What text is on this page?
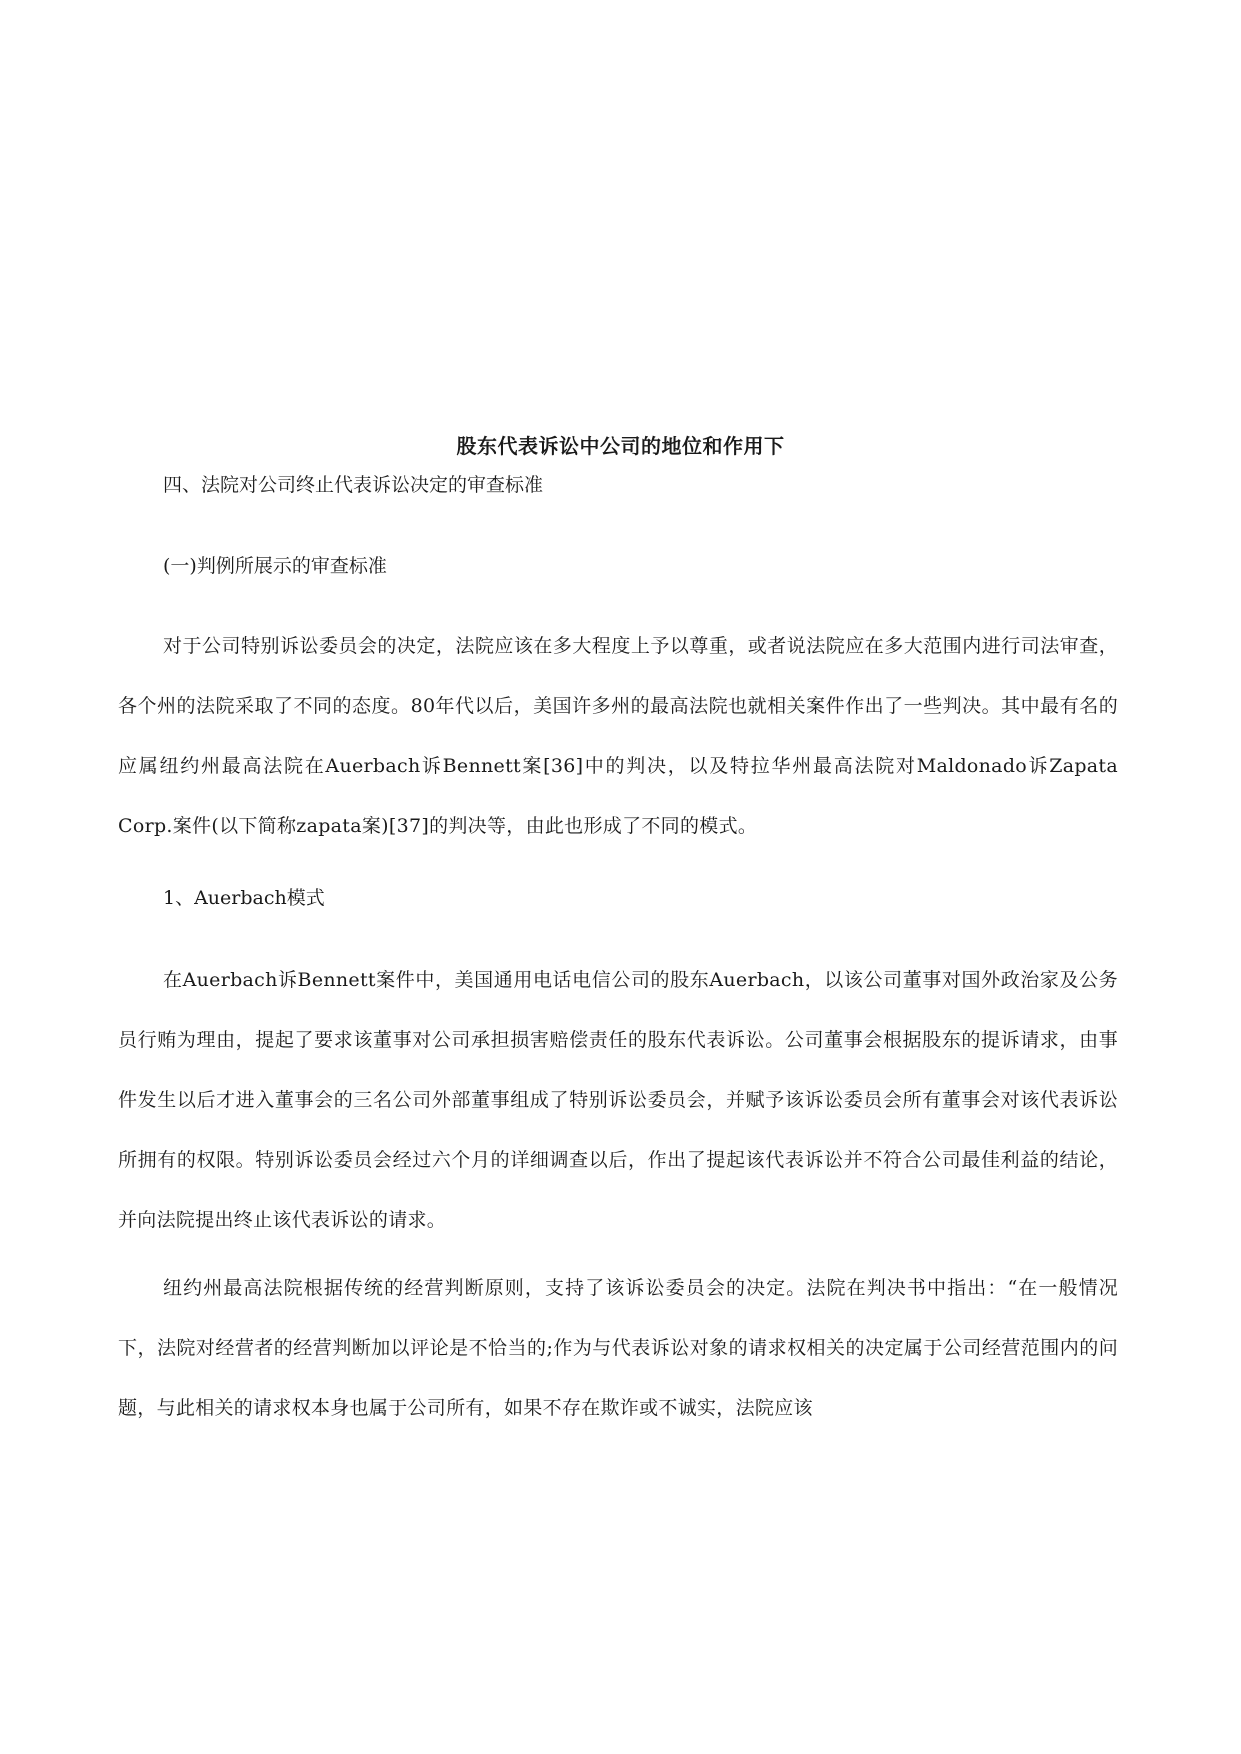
股东代表诉讼中公司的地位和作用下
四、法院对公司终止代表诉讼决定的审查标准
(一)判例所展示的审查标准
对于公司特别诉讼委员会的决定，法院应该在多大程度上予以尊重，或者说法院应在多大范围内进行司法审查，各个州的法院采取了不同的态度。80年代以后，美国许多州的最高法院也就相关案件作出了一些判决。其中最有名的应属纽约州最高法院在Auerbach诉Bennett案[36]中的判决，以及特拉华州最高法院对Maldonado诉Zapata Corp.案件(以下简称zapata案)[37]的判决等，由此也形成了不同的模式。
1、Auerbach模式
在Auerbach诉Bennett案件中，美国通用电话电信公司的股东Auerbach，以该公司董事对国外政治家及公务员行贿为理由，提起了要求该董事对公司承担损害赔偿责任的股东代表诉讼。公司董事会根据股东的提诉请求，由事件发生以后才进入董事会的三名公司外部董事组成了特别诉讼委员会，并赋予该诉讼委员会所有董事会对该代表诉讼所拥有的权限。特别诉讼委员会经过六个月的详细调查以后，作出了提起该代表诉讼并不符合公司最佳利益的结论，并向法院提出终止该代表诉讼的请求。
纽约州最高法院根据传统的经营判断原则，支持了该诉讼委员会的决定。法院在判决书中指出：“在一般情况下，法院对经营者的经营判断加以评论是不恰当的;作为与代表诉讼对象的请求权相关的决定属于公司经营范围内的问题，与此相关的请求权本身也属于公司所有，如果不存在欺诈或不诚实，法院应该
